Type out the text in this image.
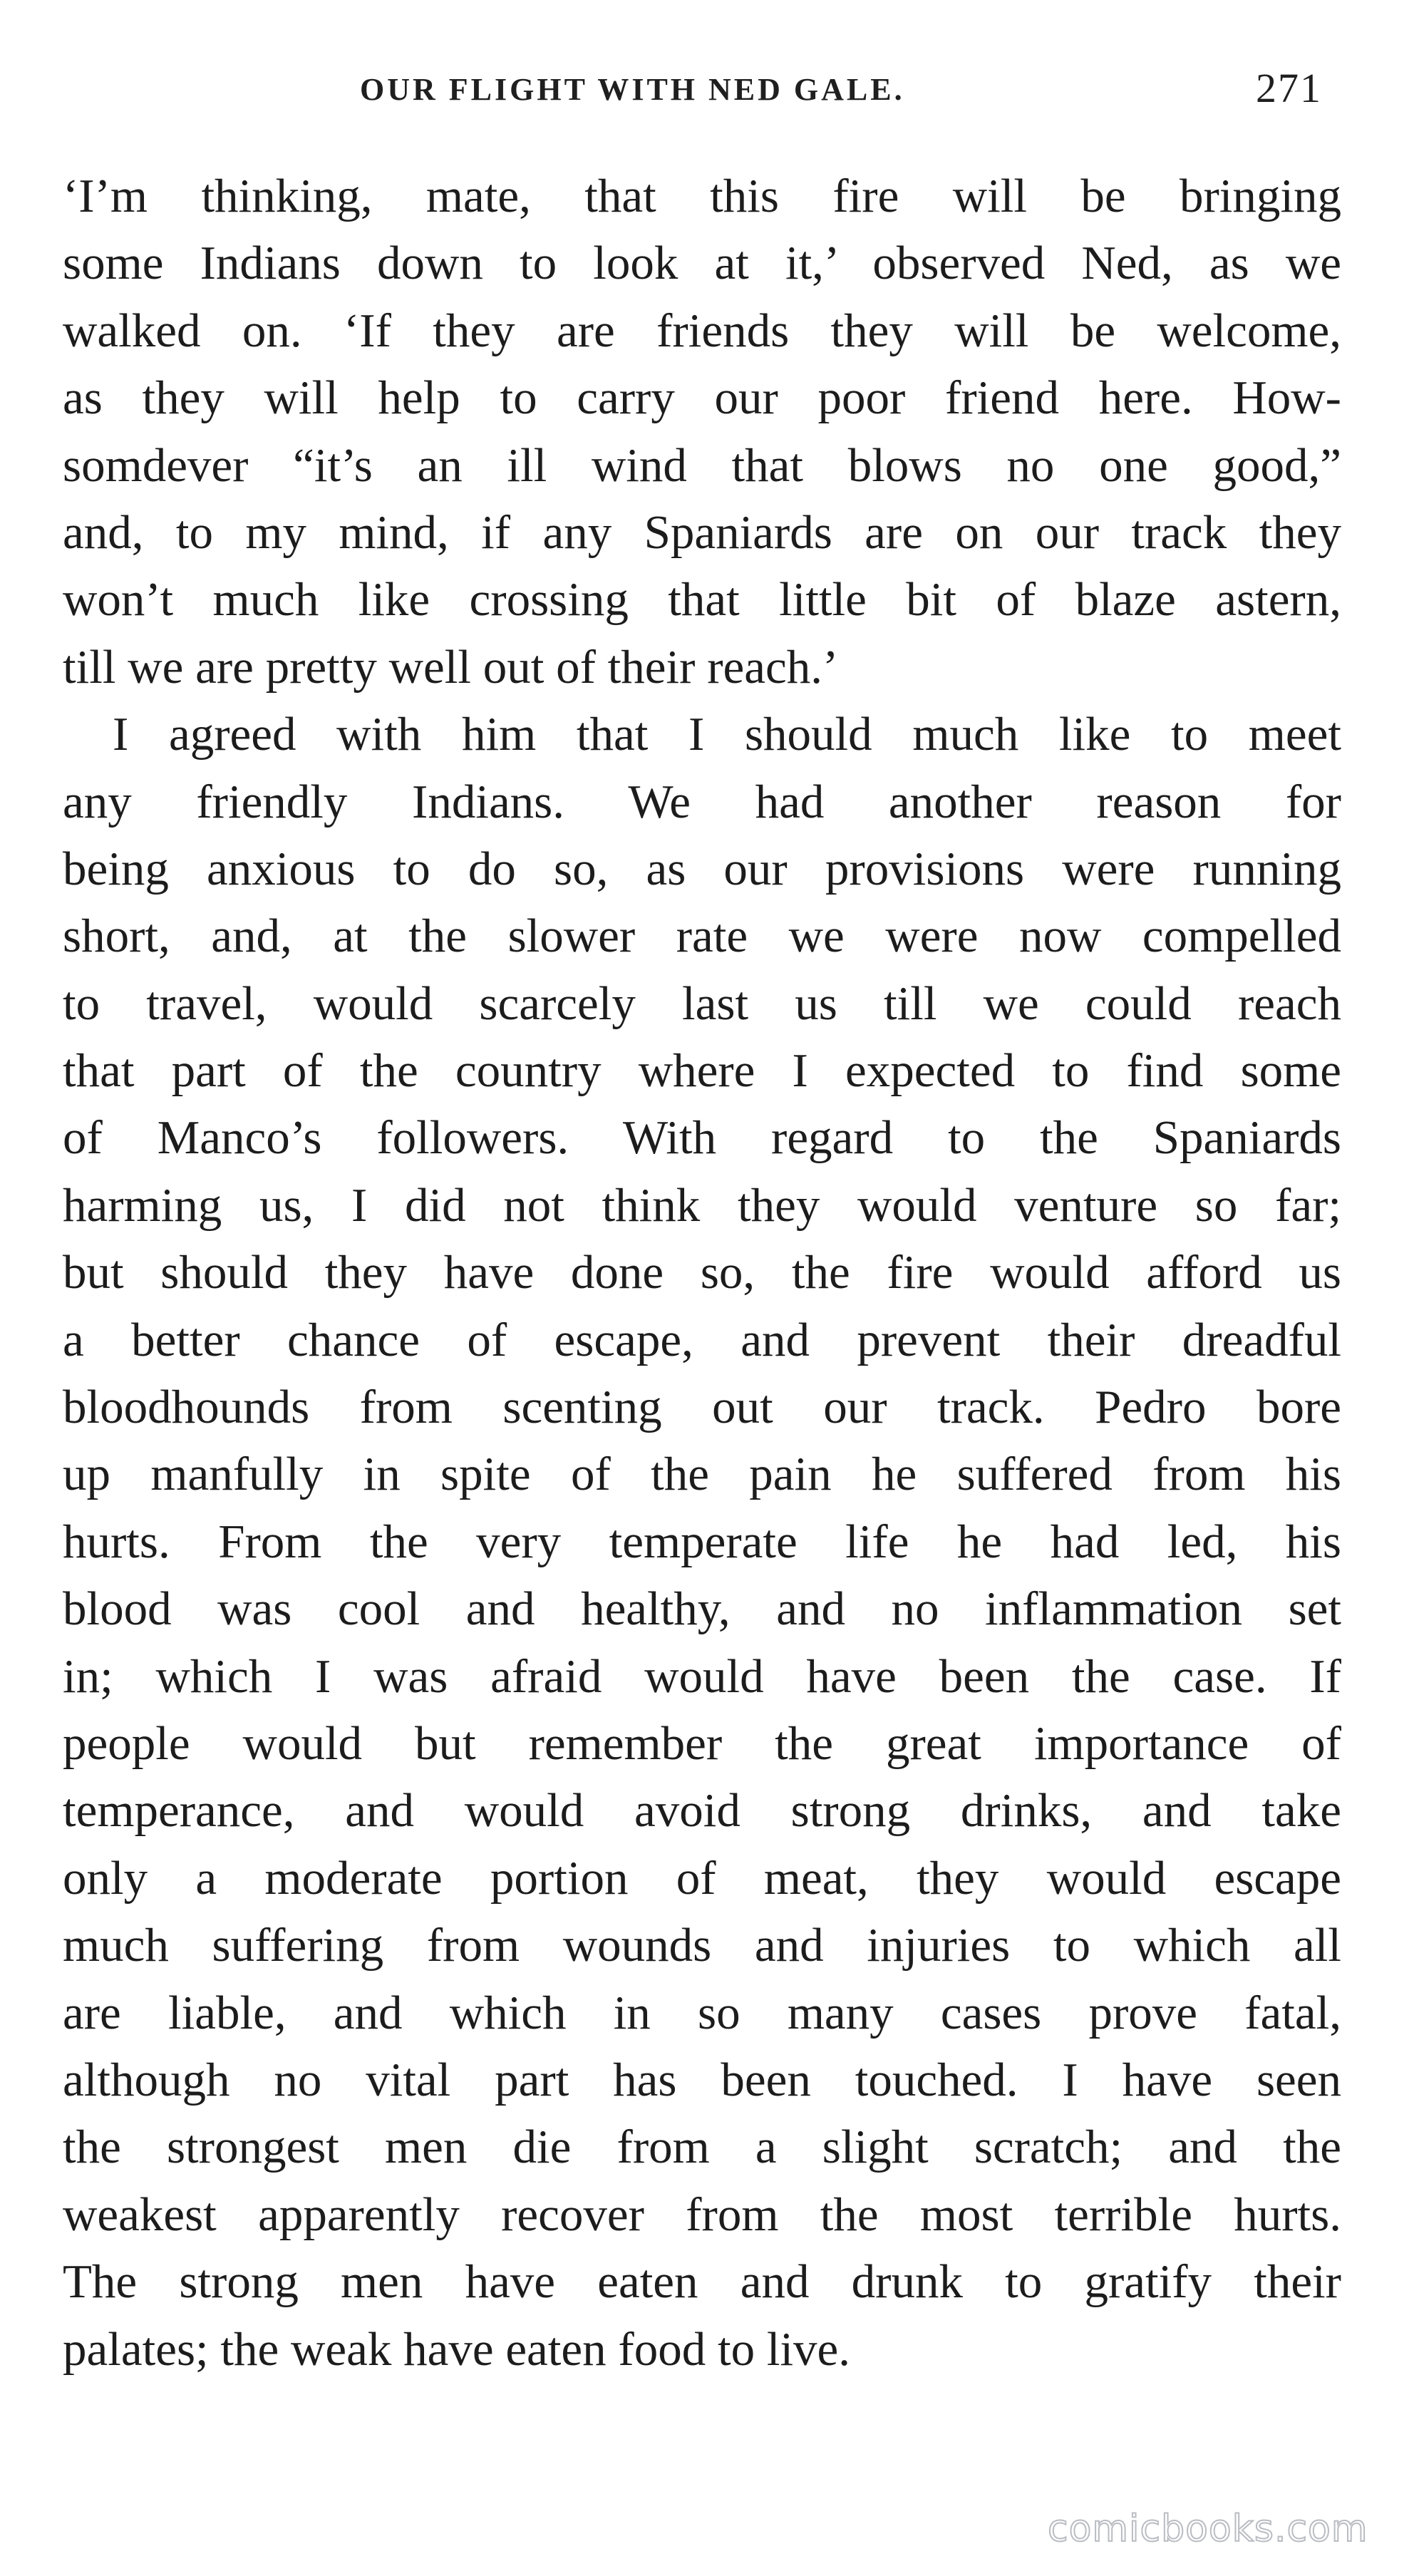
OUR FLIGHT WITH NED GALE.	271
‘I’m thinking, mate, that this fire will be bringing
some Indians down to look at it,’ observed Ned, as we
walked on. ‘If they are friends they will be welcome,
as they will help to carry our poor friend here. How-
somdever “it’s an ill wind that blows no one good,”
and, to my mind, if any Spaniards are on our track they
won’t much like crossing that little bit of blaze astern,
till we are pretty well out of their reach.’
I agreed with him that I should much like to meet
any friendly Indians. We had another reason for
being anxious to do so, as our provisions were running
short, and, at the slower rate we were now compelled
to travel, would scarcely last us till we could reach
that part of the country where I expected to find some
of Manco’s followers. With regard to the Spaniards
harming us, I did not think they would venture so far;
but should they have done so, the fire would afford us
a better chance of escape, and prevent their dreadful
bloodhounds from scenting out our track. Pedro bore
up manfully in spite of the pain he suffered from his
hurts. From the very temperate life he had led, his
blood was cool and healthy, and no inflammation set
in; which I was afraid would have been the case. If
people would but remember the great importance of
temperance, and would avoid strong drinks, and take
only a moderate portion of meat, they would escape
much suffering from wounds and injuries to which all
are liable, and which in so many cases prove fatal,
although no vital part has been touched. I have seen
the strongest men die from a slight scratch; and the
weakest apparently recover from the most terrible hurts.
The strong men have eaten and drunk to gratify their
palates; the weak have eaten food to live.
comicbooks.com
